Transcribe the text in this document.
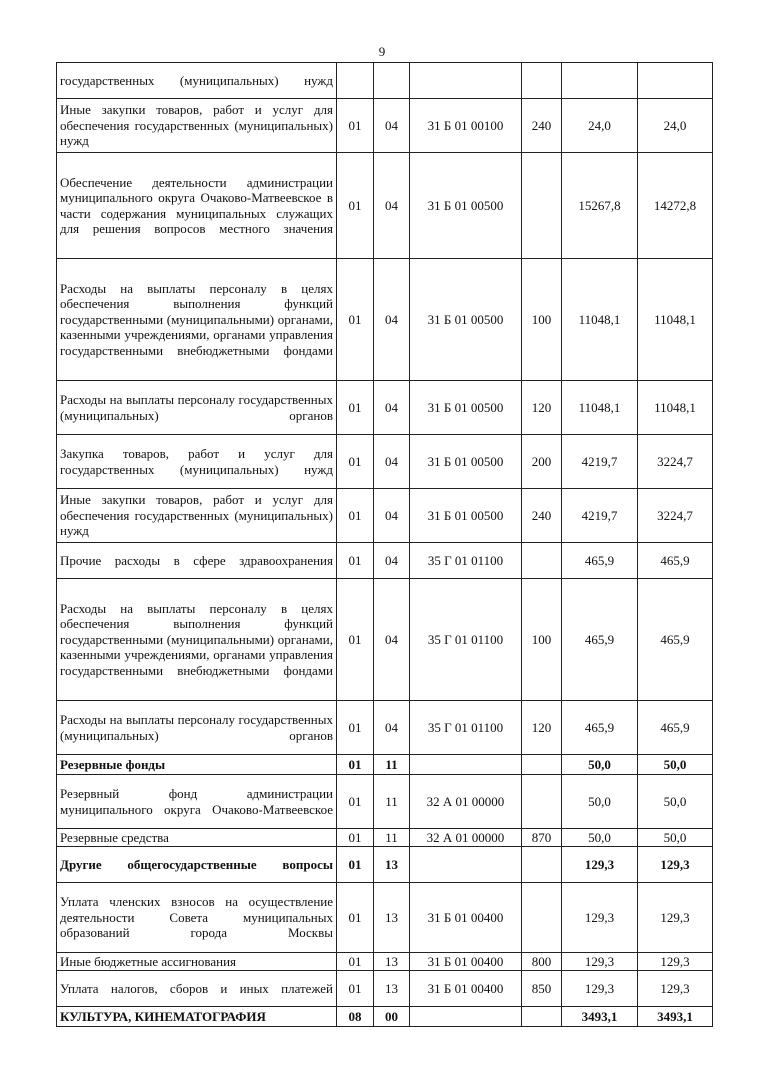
9
государственных (муниципальных) нужд						
Иные закупки товаров, работ и услуг для обеспечения государственных (муниципальных) нужд	01	04	31 Б 01 00100	240	24,0	24,0
Обеспечение деятельности администрации муниципального округа Очаково-Матвеевское в части содержания муниципальных служащих для решения вопросов местного значения	01	04	31 Б 01 00500		15267,8	14272,8
Расходы на выплаты персоналу в целях обеспечения выполнения функций государственными (муниципальными) органами, казенными учреждениями, органами управления государственными внебюджетными фондами	01	04	31 Б 01 00500	100	11048,1	11048,1
Расходы на выплаты персоналу государственных (муниципальных) органов	01	04	31 Б 01 00500	120	11048,1	11048,1
Закупка товаров, работ и услуг для государственных (муниципальных) нужд	01	04	31 Б 01 00500	200	4219,7	3224,7
Иные закупки товаров, работ и услуг для обеспечения государственных (муниципальных) нужд	01	04	31 Б 01 00500	240	4219,7	3224,7
Прочие расходы в сфере здравоохранения	01	04	35 Г 01 01100		465,9	465,9
Расходы на выплаты персоналу в целях обеспечения выполнения функций государственными (муниципальными) органами, казенными учреждениями, органами управления государственными внебюджетными фондами	01	04	35 Г 01 01100	100	465,9	465,9
Расходы на выплаты персоналу государственных (муниципальных) органов	01	04	35 Г 01 01100	120	465,9	465,9
Резервные фонды	01	11			50,0	50,0
Резервный фонд администрации муниципального округа Очаково-Матвеевское	01	11	32 А 01 00000		50,0	50,0
Резервные средства	01	11	32 А 01 00000	870	50,0	50,0
Другие общегосударственные вопросы	01	13			129,3	129,3
Уплата членских взносов на осуществление деятельности Совета муниципальных образований города Москвы	01	13	31 Б 01 00400		129,3	129,3
Иные бюджетные ассигнования	01	13	31 Б 01 00400	800	129,3	129,3
Уплата налогов, сборов и иных платежей	01	13	31 Б 01 00400	850	129,3	129,3
КУЛЬТУРА, КИНЕМАТОГРАФИЯ	08	00			3493,1	3493,1
